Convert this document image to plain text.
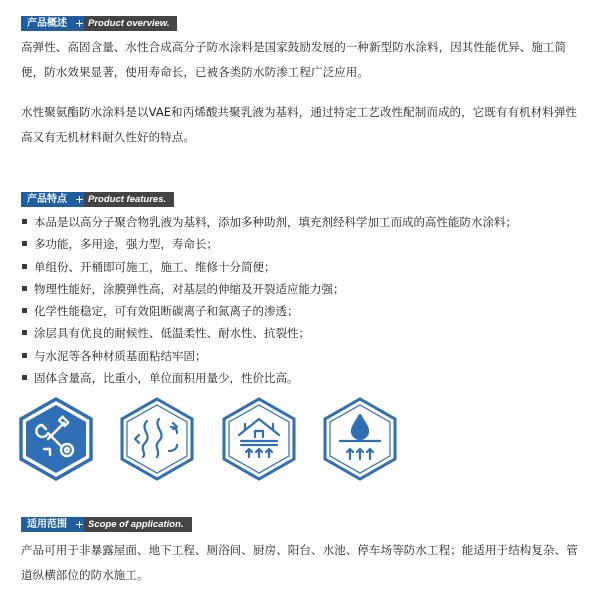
产品概述	Product overview.
高弹性、高固含量、水性合成高分子防水涂料是国家鼓励发展的一种新型防水涂料，因其性能优异、施工简便，防水效果显著，使用寿命长，已被各类防水防渗工程广泛应用。
水性聚氨酯防水涂料是以VAE和丙烯酸共聚乳液为基料，通过特定工艺改性配制而成的，它既有有机材料弹性高又有无机材料耐久性好的特点。
产品特点	Product features.
本品是以高分子聚合物乳液为基料，添加多种助剂，填充剂经科学加工而成的高性能防水涂料；
多功能，多用途，强力型，寿命长；
单组份、开桶即可施工，施工、维修十分简便；
物理性能好，涂膜弹性高，对基层的伸缩及开裂适应能力强；
化学性能稳定，可有效阻断碳离子和氮离子的渗透；
涂层具有优良的耐候性、低温柔性、耐水性、抗裂性；
与水泥等各种材质基面粘结牢固；
固体含量高，比重小，单位面积用量少，性价比高。
适用范围	Scope of application.
产品可用于非暴露屋面、地下工程、厕浴间、厨房、阳台、水池、停车场等防水工程；能适用于结构复杂、管道纵横部位的防水施工。
